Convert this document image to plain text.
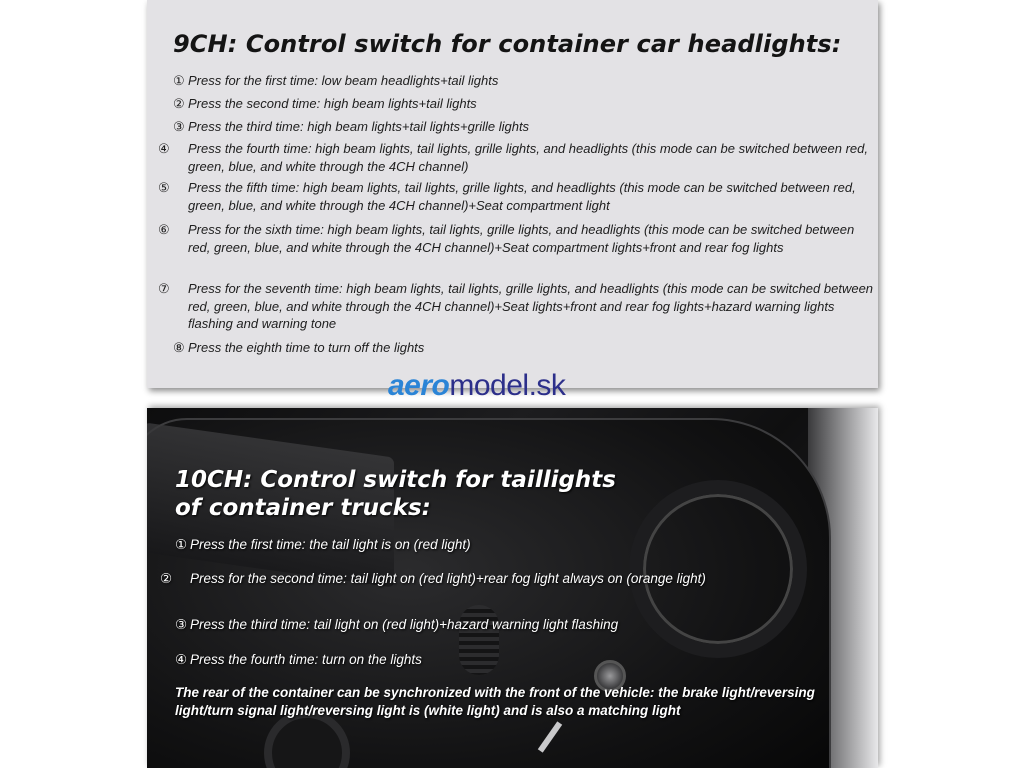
9CH: Control switch for container car headlights:

① Press for the first time: low beam headlights+tail lights

② Press the second time: high beam lights+tail lights

③ Press the third time: high beam lights+tail lights+grille lights

④ Press the fourth time: high beam lights, tail lights, grille lights, and headlights (this mode can be switched between red, green, blue, and white through the 4CH channel)

⑤ Press the fifth time: high beam lights, tail lights, grille lights, and headlights (this mode can be switched between red, green, blue, and white through the 4CH channel)+Seat compartment light

⑥ Press for the sixth time: high beam lights, tail lights, grille lights, and headlights (this mode can be switched between red, green, blue, and white through the 4CH channel)+Seat compartment lights+front and rear fog lights

⑦ Press for the seventh time: high beam lights, tail lights, grille lights, and headlights (this mode can be switched between red, green, blue, and white through the 4CH channel)+Seat lights+front and rear fog lights+hazard warning lights flashing and warning tone

⑧ Press the eighth time to turn off the lights

aero model.sk
10CH: Control switch for taillights
of container trucks:

① Press the first time: the tail light is on (red light)

② Press for the second time: tail light on (red light)+rear fog light always on (orange light)

③ Press the third time: tail light on (red light)+hazard warning light flashing

④ Press the fourth time: turn on the lights

The rear of the container can be synchronized with the front of the vehicle: the brake light/reversing light/turn signal light/reversing light is (white light) and is also a matching light
